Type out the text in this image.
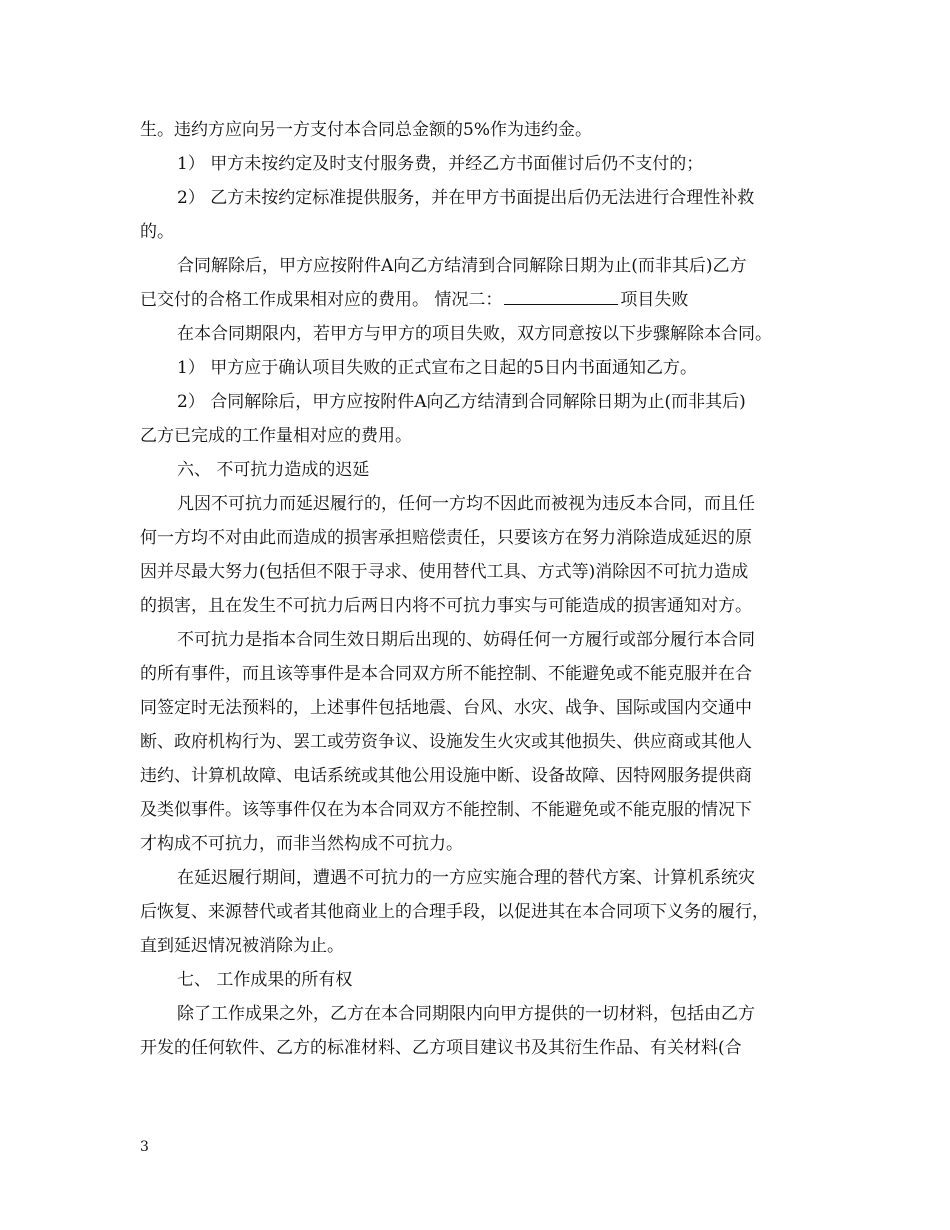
生。违约方应向另一方支付本合同总金额的5%作为违约金。
1） 甲方未按约定及时支付服务费，并经乙方书面催讨后仍不支付的；
2） 乙方未按约定标准提供服务，并在甲方书面提出后仍无法进行合理性补救
的。
合同解除后，甲方应按附件A向乙方结清到合同解除日期为止(而非其后)乙方
已交付的合格工作成果相对应的费用。 情况二：	项目失败
在本合同期限内，若甲方与甲方的项目失败，双方同意按以下步骤解除本合同。
1） 甲方应于确认项目失败的正式宣布之日起的5日内书面通知乙方。
2） 合同解除后，甲方应按附件A向乙方结清到合同解除日期为止(而非其后)
乙方已完成的工作量相对应的费用。
六、 不可抗力造成的迟延
凡因不可抗力而延迟履行的，任何一方均不因此而被视为违反本合同，而且任
何一方均不对由此而造成的损害承担赔偿责任，只要该方在努力消除造成延迟的原
因并尽最大努力(包括但不限于寻求、使用替代工具、方式等)消除因不可抗力造成
的损害，且在发生不可抗力后两日内将不可抗力事实与可能造成的损害通知对方。
不可抗力是指本合同生效日期后出现的、妨碍任何一方履行或部分履行本合同
的所有事件，而且该等事件是本合同双方所不能控制、不能避免或不能克服并在合
同签定时无法预料的，上述事件包括地震、台风、水灾、战争、国际或国内交通中
断、政府机构行为、罢工或劳资争议、设施发生火灾或其他损失、供应商或其他人
违约、计算机故障、电话系统或其他公用设施中断、设备故障、因特网服务提供商
及类似事件。该等事件仅在为本合同双方不能控制、不能避免或不能克服的情况下
才构成不可抗力，而非当然构成不可抗力。
在延迟履行期间，遭遇不可抗力的一方应实施合理的替代方案、计算机系统灾
后恢复、来源替代或者其他商业上的合理手段，以促进其在本合同项下义务的履行，
直到延迟情况被消除为止。
七、 工作成果的所有权
除了工作成果之外，乙方在本合同期限内向甲方提供的一切材料，包括由乙方
开发的任何软件、乙方的标准材料、乙方项目建议书及其衍生作品、有关材料(合
3
